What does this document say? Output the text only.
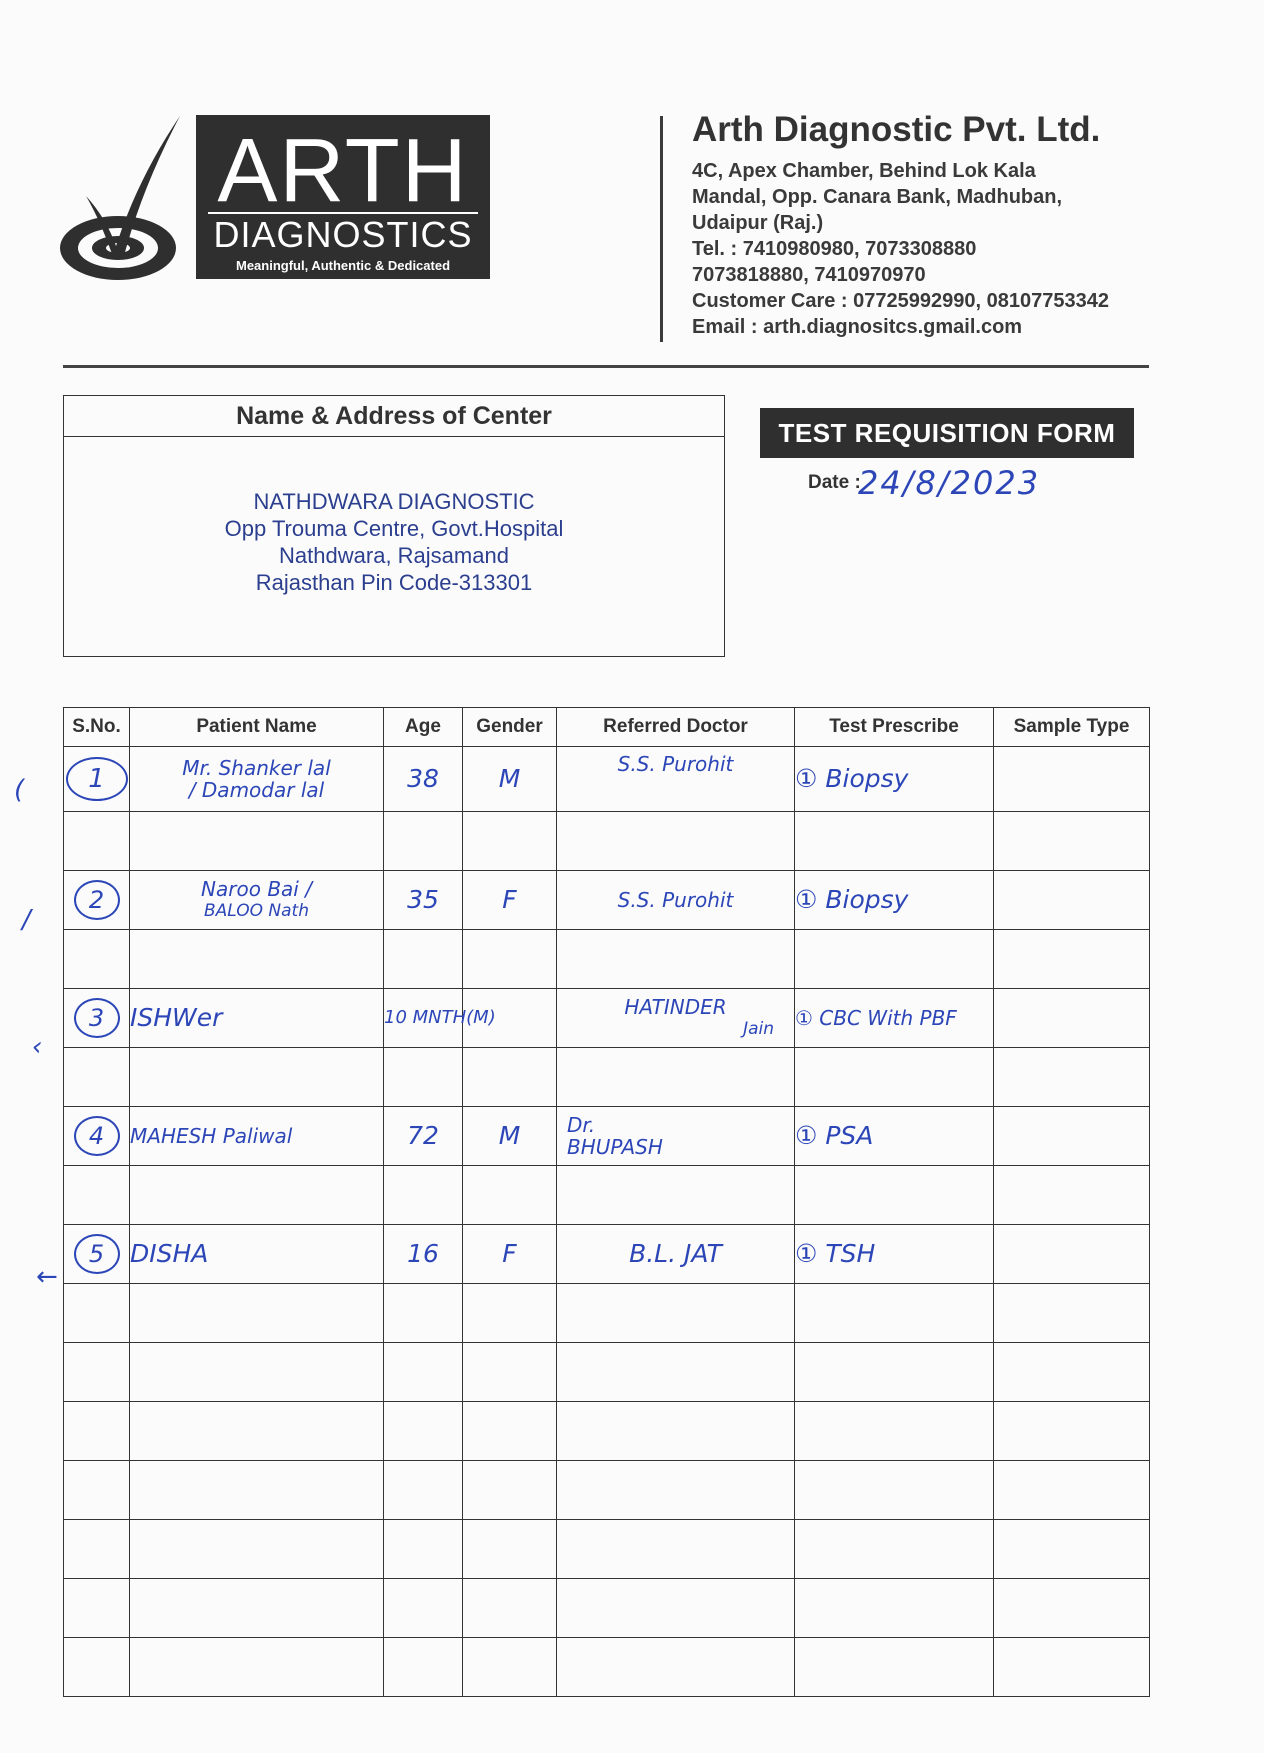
ARTH
DIAGNOSTICS
Meaningful, Authentic & Dedicated
Arth Diagnostic Pvt. Ltd.
4C, Apex Chamber, Behind Lok Kala
Mandal, Opp. Canara Bank, Madhuban,
Udaipur (Raj.)
Tel. : 7410980980, 7073308880
7073818880, 7410970970
Customer Care : 07725992990, 08107753342
Email : arth.diagnositcs.gmail.com
Name & Address of Center
NATHDWARA DIAGNOSTIC
Opp Trouma Centre, Govt.Hospital
Nathdwara, Rajsamand
Rajasthan Pin Code-313301
TEST REQUISITION FORM
Date :
24/8/2023
S.No.	Patient Name	Age	Gender	Referred Doctor	Test Prescribe	Sample Type
1	Mr. Shanker lal
/ Damodar lal	38	M	S.S. Purohit	① Biopsy	

2	Naroo Bai /
BALOO Nath	35	F	S.S. Purohit	① Biopsy	

3	ISHWer	10 MNTH(M)		HATINDER
Jain	① CBC With PBF	

4	MAHESH Paliwal	72	M	Dr.
BHUPASH	① PSA	

5	DISHA	16	F	B.L. JAT	① TSH	

(
/
‹
←
